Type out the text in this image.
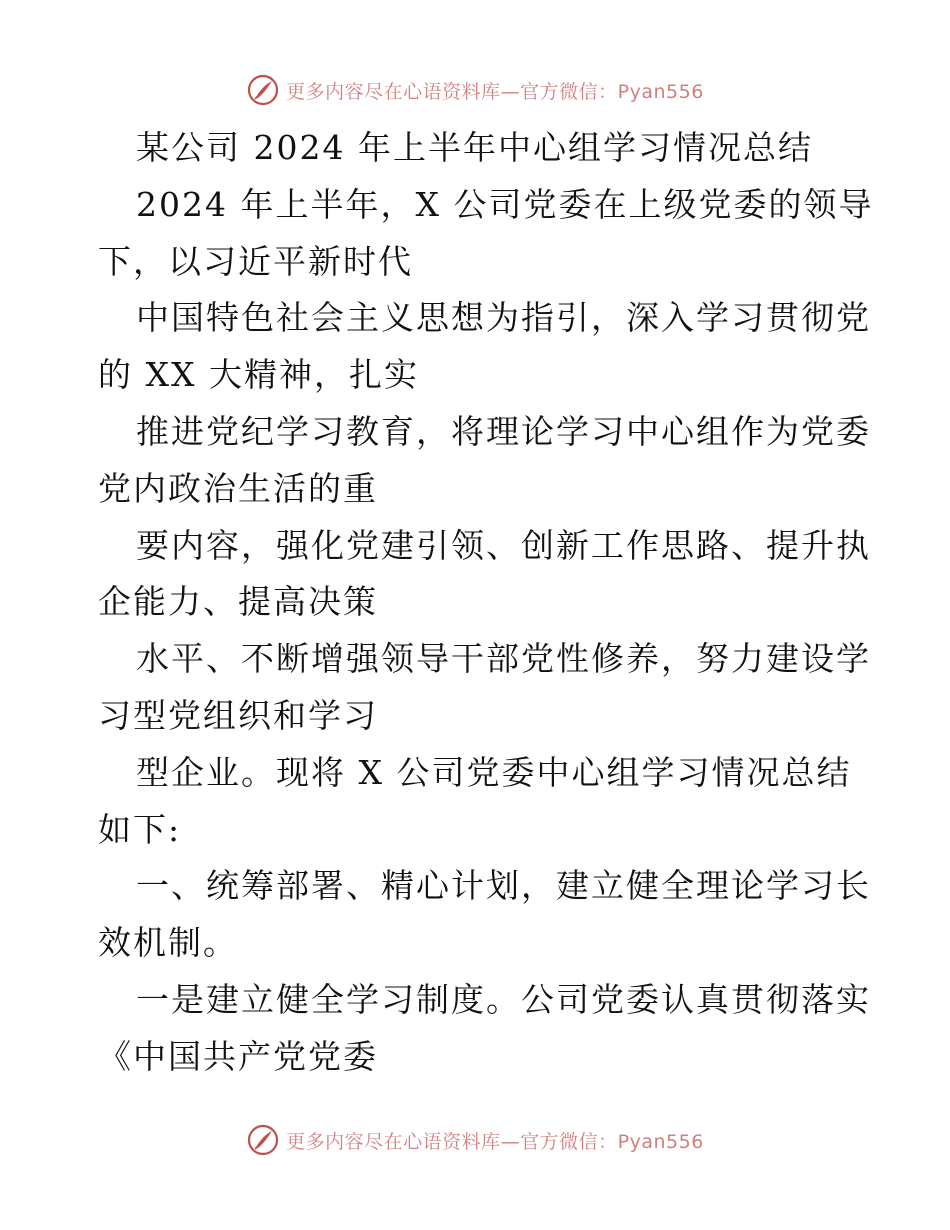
更多内容尽在心语资料库—官方微信：Pyan556
某公司 2024 年上半年中心组学习情况总结
2024 年上半年，X 公司党委在上级党委的领导
下，以习近平新时代
中国特色社会主义思想为指引，深入学习贯彻党
的 XX 大精神，扎实
推进党纪学习教育，将理论学习中心组作为党委
党内政治生活的重
要内容，强化党建引领、创新工作思路、提升执
企能力、提高决策
水平、不断增强领导干部党性修养，努力建设学
习型党组织和学习
型企业。现将 X 公司党委中心组学习情况总结
如下:
一、统筹部署、精心计划，建立健全理论学习长
效机制。
一是建立健全学习制度。公司党委认真贯彻落实
《中国共产党党委
更多内容尽在心语资料库—官方微信：Pyan556
